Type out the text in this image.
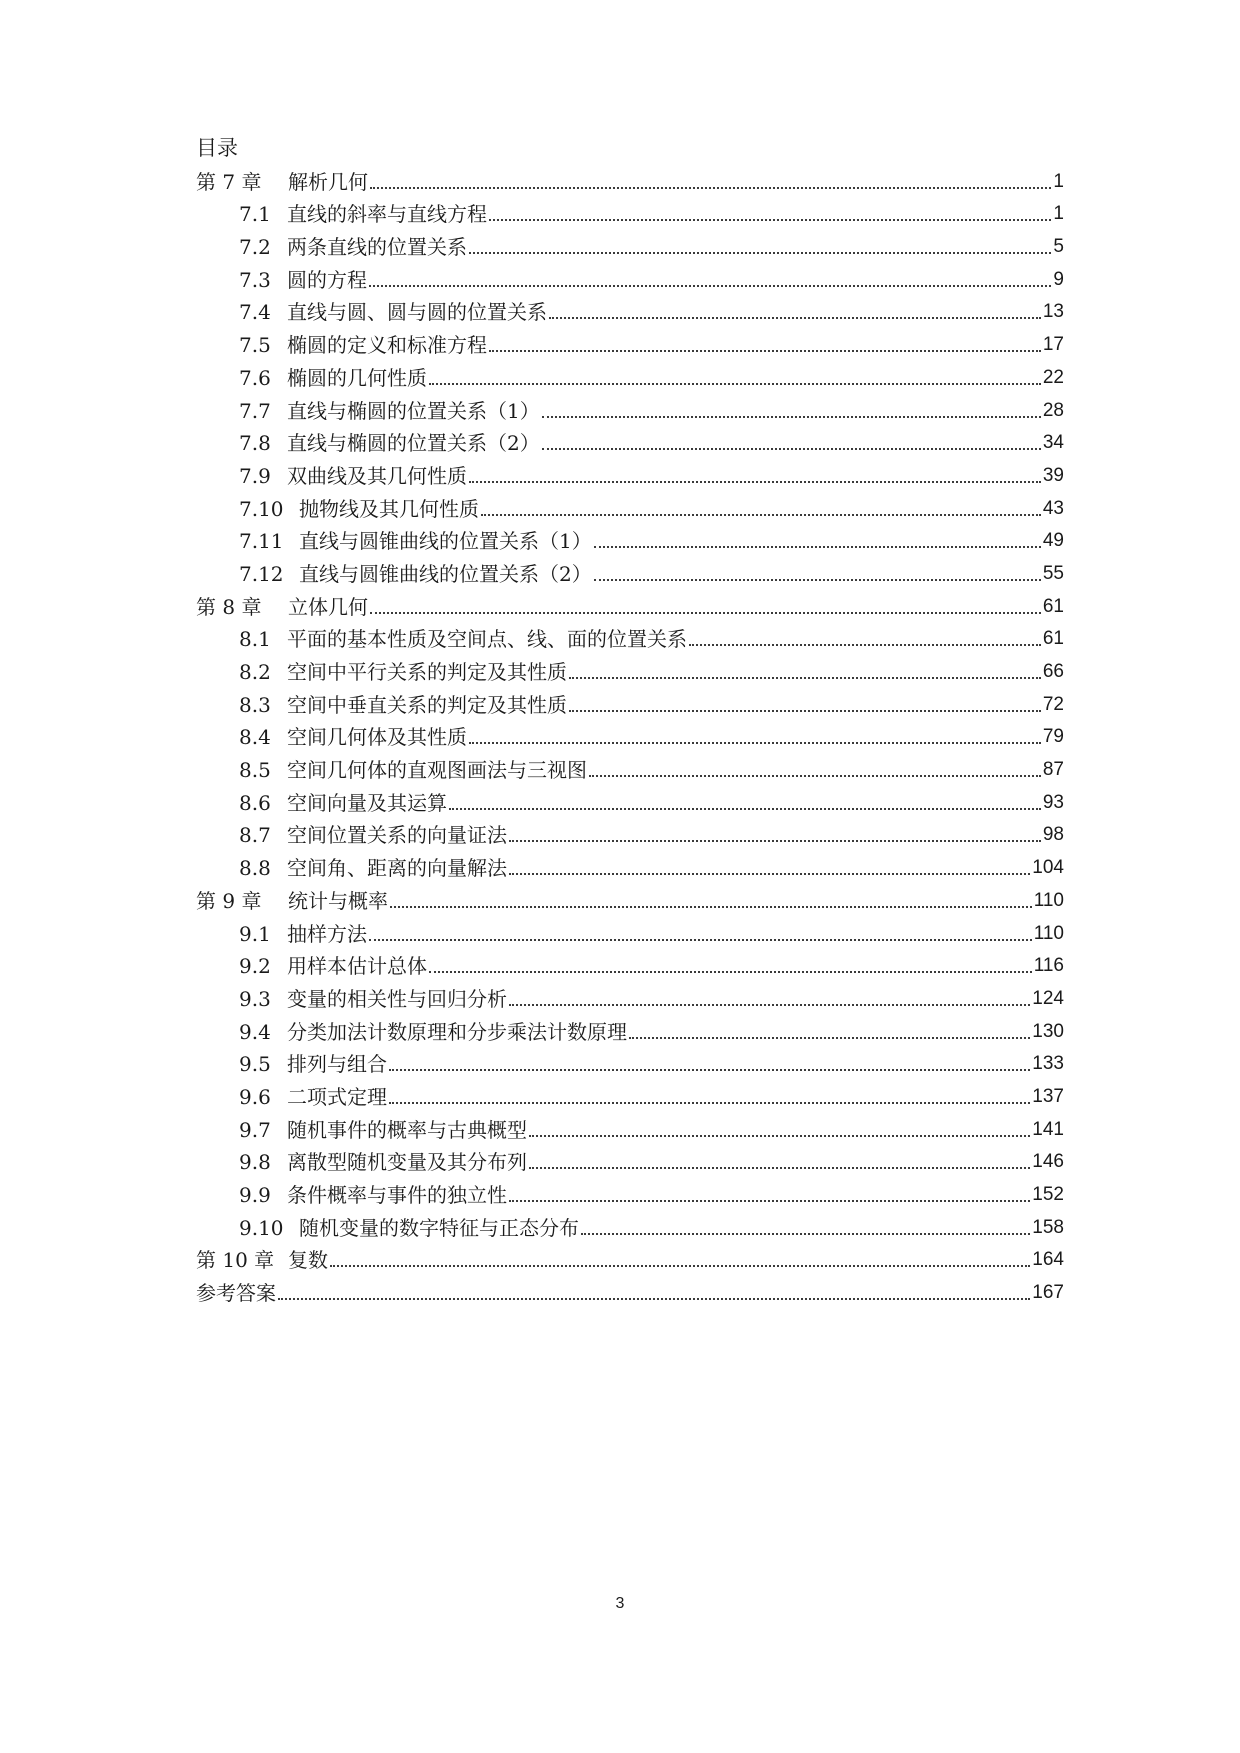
目录
第 7 章	解析几何	1
7.1 直线的斜率与直线方程	1
7.2 两条直线的位置关系	5
7.3 圆的方程	9
7.4 直线与圆、圆与圆的位置关系	13
7.5 椭圆的定义和标准方程	17
7.6 椭圆的几何性质	22
7.7 直线与椭圆的位置关系（1）	28
7.8 直线与椭圆的位置关系（2）	34
7.9 双曲线及其几何性质	39
7.10 抛物线及其几何性质	43
7.11 直线与圆锥曲线的位置关系（1）	49
7.12 直线与圆锥曲线的位置关系（2）	55
第 8 章	立体几何	61
8.1 平面的基本性质及空间点、线、面的位置关系	61
8.2 空间中平行关系的判定及其性质	66
8.3 空间中垂直关系的判定及其性质	72
8.4 空间几何体及其性质	79
8.5 空间几何体的直观图画法与三视图	87
8.6 空间向量及其运算	93
8.7 空间位置关系的向量证法	98
8.8 空间角、距离的向量解法	104
第 9 章	统计与概率	110
9.1 抽样方法	110
9.2 用样本估计总体	116
9.3 变量的相关性与回归分析	124
9.4 分类加法计数原理和分步乘法计数原理	130
9.5 排列与组合	133
9.6 二项式定理	137
9.7 随机事件的概率与古典概型	141
9.8 离散型随机变量及其分布列	146
9.9 条件概率与事件的独立性	152
9.10 随机变量的数字特征与正态分布	158
第 10 章 复数	164
参考答案	167
3
